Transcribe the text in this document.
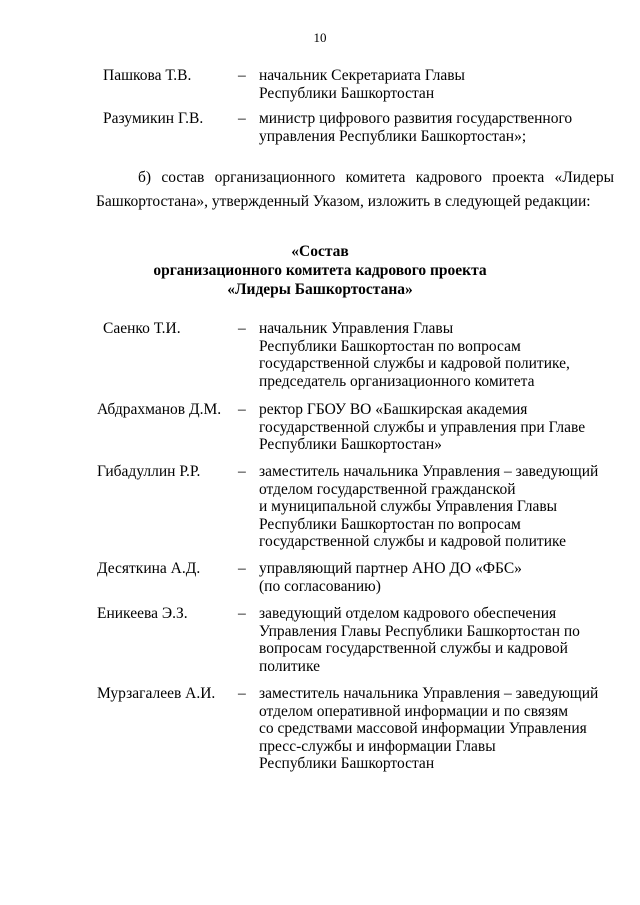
10
Пашкова Т.В.	– начальник Секретариата Главы
Республики Башкортостан
Разумикин Г.В. – министр цифрового развития государственного
управления Республики Башкортостан»;
б) состав организационного комитета кадрового проекта «Лидеры Башкортостана», утвержденный Указом, изложить в следующей редакции:
«Состав
организационного комитета кадрового проекта
«Лидеры Башкортостана»
Саенко Т.И.	– начальник Управления Главы
Республики Башкортостан по вопросам
государственной службы и кадровой политике,
председатель организационного комитета
Абдрахманов Д.М. – ректор ГБОУ ВО «Башкирская академия
государственной службы и управления при Главе
Республики Башкортостан»
Гибадуллин Р.Р. – заместитель начальника Управления – заведующий
отделом государственной гражданской
и муниципальной службы Управления Главы
Республики Башкортостан по вопросам
государственной службы и кадровой политике
Десяткина А.Д. – управляющий партнер АНО ДО «ФБС»
(по согласованию)
Еникеева Э.З.	– заведующий отделом кадрового обеспечения
Управления Главы Республики Башкортостан по
вопросам государственной службы и кадровой
политике
Мурзагалеев А.И. – заместитель начальника Управления – заведующий
отделом оперативной информации и по связям
со средствами массовой информации Управления
пресс-службы и информации Главы
Республики Башкортостан
